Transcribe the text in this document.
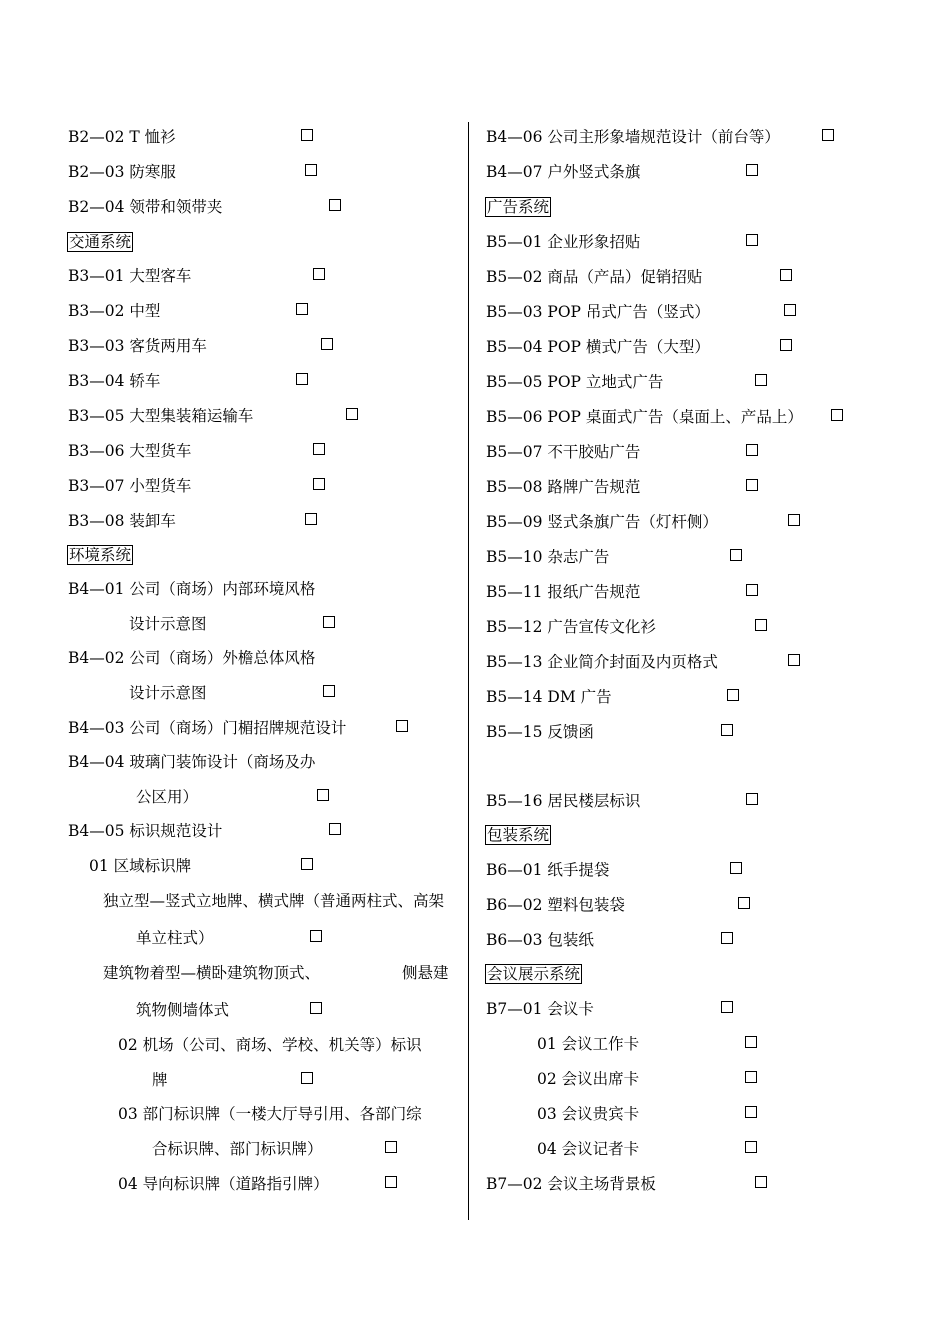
B2—02 T 恤衫
B2—03 防寒服
B2—04 领带和领带夹
交通系统
B3—01 大型客车
B3—02 中型
B3—03 客货两用车
B3—04 轿车
B3—05 大型集装箱运输车
B3—06 大型货车
B3—07 小型货车
B3—08 装卸车
环境系统
B4—01 公司（商场）内部环境风格
设计示意图
B4—02 公司（商场）外檐总体风格
设计示意图
B4—03 公司（商场）门楣招牌规范设计
B4—04 玻璃门装饰设计（商场及办
公区用）
B4—05 标识规范设计
01 区域标识牌
独立型—竖式立地牌、横式牌（普通两柱式、高架
单立柱式）
建筑物着型—横卧建筑物顶式、	侧悬建
筑物侧墙体式
02 机场（公司、商场、学校、机关等）标识
牌
03 部门标识牌（一楼大厅导引用、各部门综
合标识牌、部门标识牌）
04 导向标识牌（道路指引牌）
B4—06 公司主形象墙规范设计（前台等）
B4—07 户外竖式条旗
广告系统
B5—01 企业形象招贴
B5—02 商品（产品）促销招贴
B5—03 POP 吊式广告（竖式）
B5—04 POP 横式广告（大型）
B5—05 POP 立地式广告
B5—06 POP 桌面式广告（桌面上、产品上）
B5—07 不干胶贴广告
B5—08 路牌广告规范
B5—09 竖式条旗广告（灯杆侧）
B5—10 杂志广告
B5—11 报纸广告规范
B5—12 广告宣传文化衫
B5—13 企业简介封面及内页格式
B5—14 DM 广告
B5—15 反馈函
B5—16 居民楼层标识
包装系统
B6—01 纸手提袋
B6—02 塑料包装袋
B6—03 包装纸
会议展示系统
B7—01 会议卡
01 会议工作卡
02 会议出席卡
03 会议贵宾卡
04 会议记者卡
B7—02 会议主场背景板
